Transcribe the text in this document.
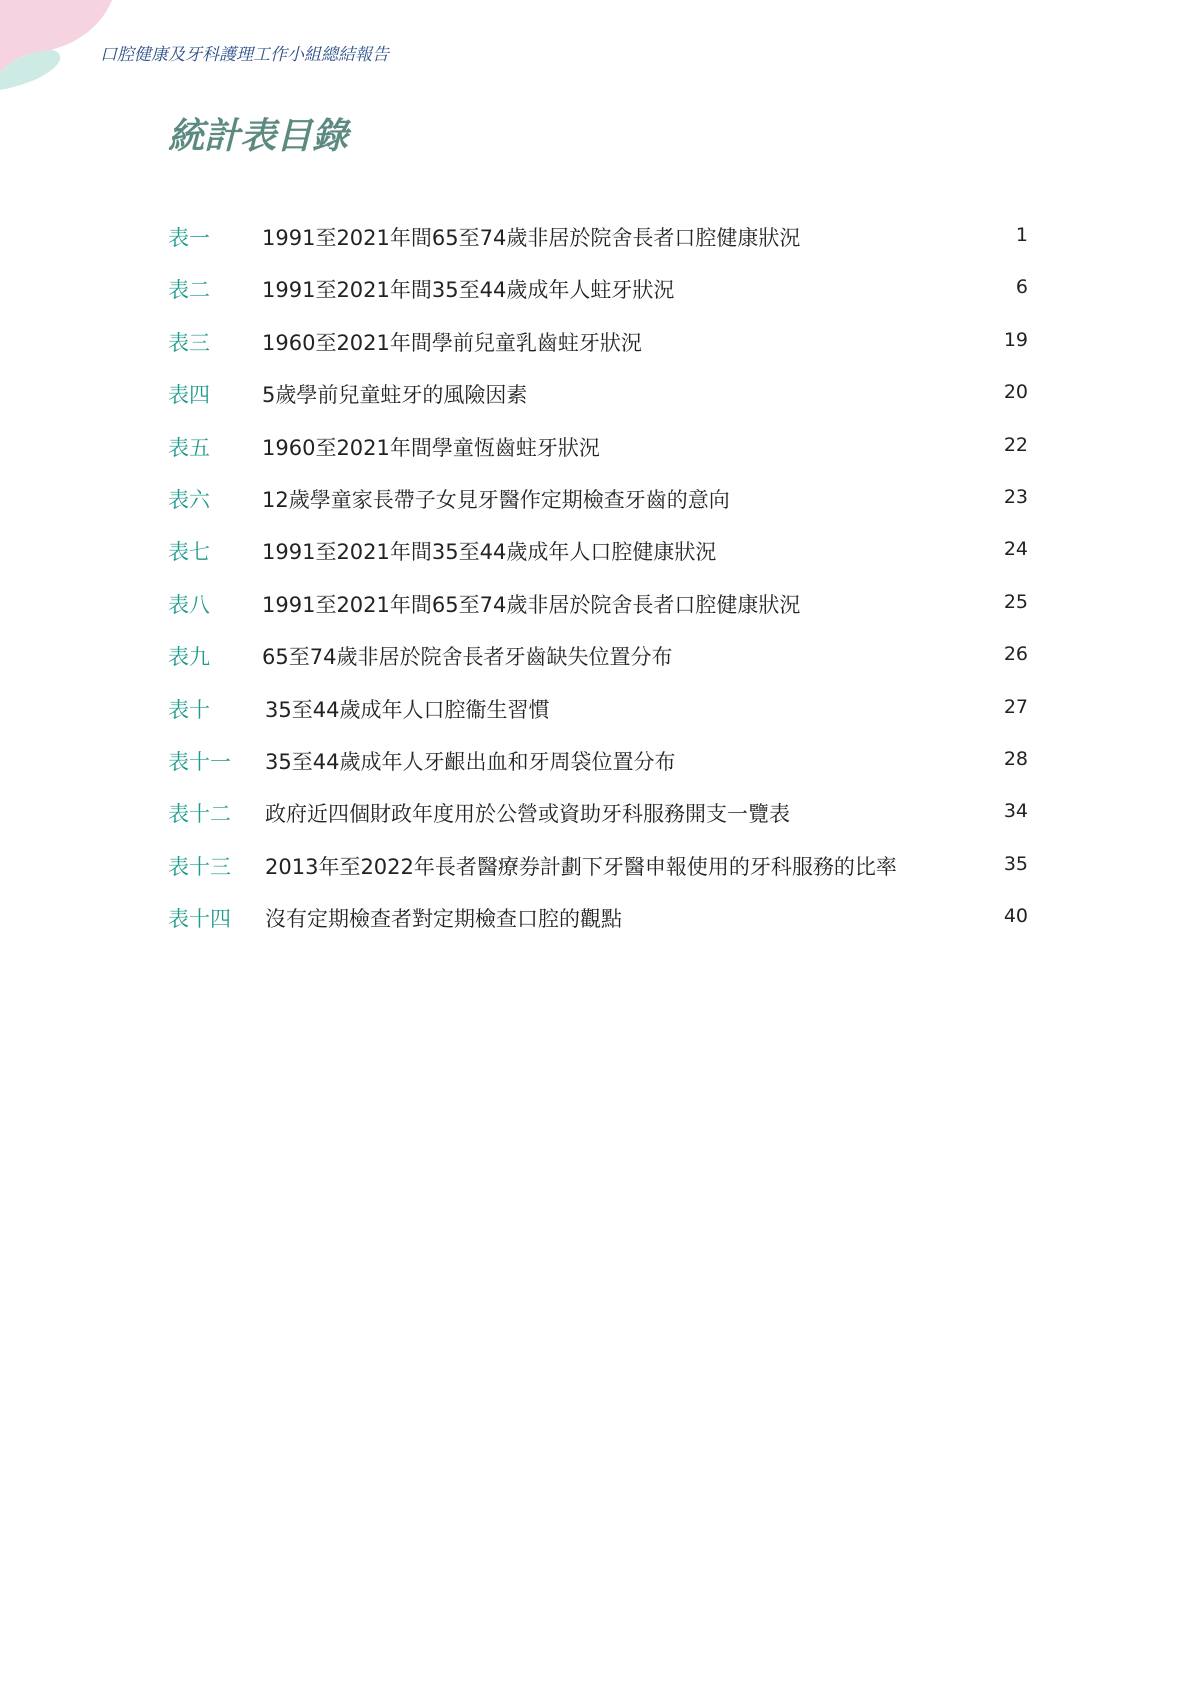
口腔健康及牙科護理工作小組總結報告
統計表目錄
表一 1991至2021年間65至74歲非居於院舍長者口腔健康狀況	1
表二 1991至2021年間35至44歲成年人蛀牙狀況	6
表三 1960至2021年間學前兒童乳齒蛀牙狀況	19
表四 5歲學前兒童蛀牙的風險因素	20
表五 1960至2021年間學童恆齒蛀牙狀況	22
表六 12歲學童家長帶子女見牙醫作定期檢查牙齒的意向	23
表七 1991至2021年間35至44歲成年人口腔健康狀況	24
表八 1991至2021年間65至74歲非居於院舍長者口腔健康狀況	25
表九 65至74歲非居於院舍長者牙齒缺失位置分布	26
表十	35至44歲成年人口腔衞生習慣	27
表十一 35至44歲成年人牙齦出血和牙周袋位置分布	28
表十二 政府近四個財政年度用於公營或資助牙科服務開支一覽表	34
表十三 2013年至2022年長者醫療券計劃下牙醫申報使用的牙科服務的比率	35
表十四 沒有定期檢查者對定期檢查口腔的觀點	40
